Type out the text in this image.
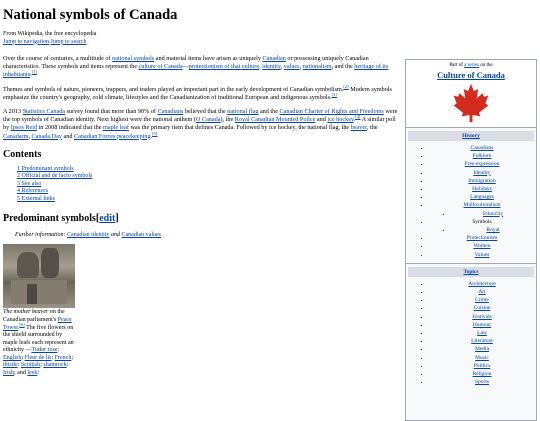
National symbols of Canada
From Wikipedia, the free encyclopedia
Jump to navigation Jump to search

Over the course of centuries, a multitude of national symbols and material items have arisen as uniquely Canadian or possessing uniquely Canadian characteristics. These symbols and items represent the culture of Canada—protectionism of that culture, identity, values, nationalism, and the heritage of its inhabitants.[1]

Themes and symbols of nature, pioneers, trappers, and traders played an important part in the early development of Canadian symbolism.[2] Modern symbols emphasize the country's geography, cold climate, lifestyles and the Canadianization of traditional European and indigenous symbols.[3]

A 2013 Statistics Canada survey found that more than 90% of Canadians believed that the national flag and the Canadian Charter of Rights and Freedoms were the top symbols of Canadian identity. Next highest were the national anthem (O Canada), the Royal Canadian Mounted Police and ice hockey.[4] A similar poll by Ipsos Reid in 2008 indicated that the maple leaf was the primary item that defines Canada. Followed by ice hockey, the national flag, the beaver, the Canadarm, Canada Day and Canadian Forces peacekeeping.[5]

Contents
1 Predominant symbols
2 Official and de facto symbols
3 See also
4 References
5 External links
Predominant symbols[edit]
Further information: Canadian identity and Canadian values
The mother beaver on the Canadian parliament's Peace Tower.[6] The five flowers on the shield surrounded by maple leafs each represent an ethnicity —Tudor rose: English; Fleur de lis: French; thistle: Scottish; shamrock: Irish; and leek:
Part of a series on the
Culture of Canada
History
• Canadians
• Folklore
• Free expression
• Identity
• Immigration
• Holidays
• Languages
• Multiculturalism
• Ethnicity
• Symbols
• Royal
• Protectionism
• Women
• Values
Topics
• Architecture
• Art
• Crime
• Cuisine
• Festivals
• Humour
• Law
• Literature
• Media
• Music
• Politics
• Religion
• Sports
